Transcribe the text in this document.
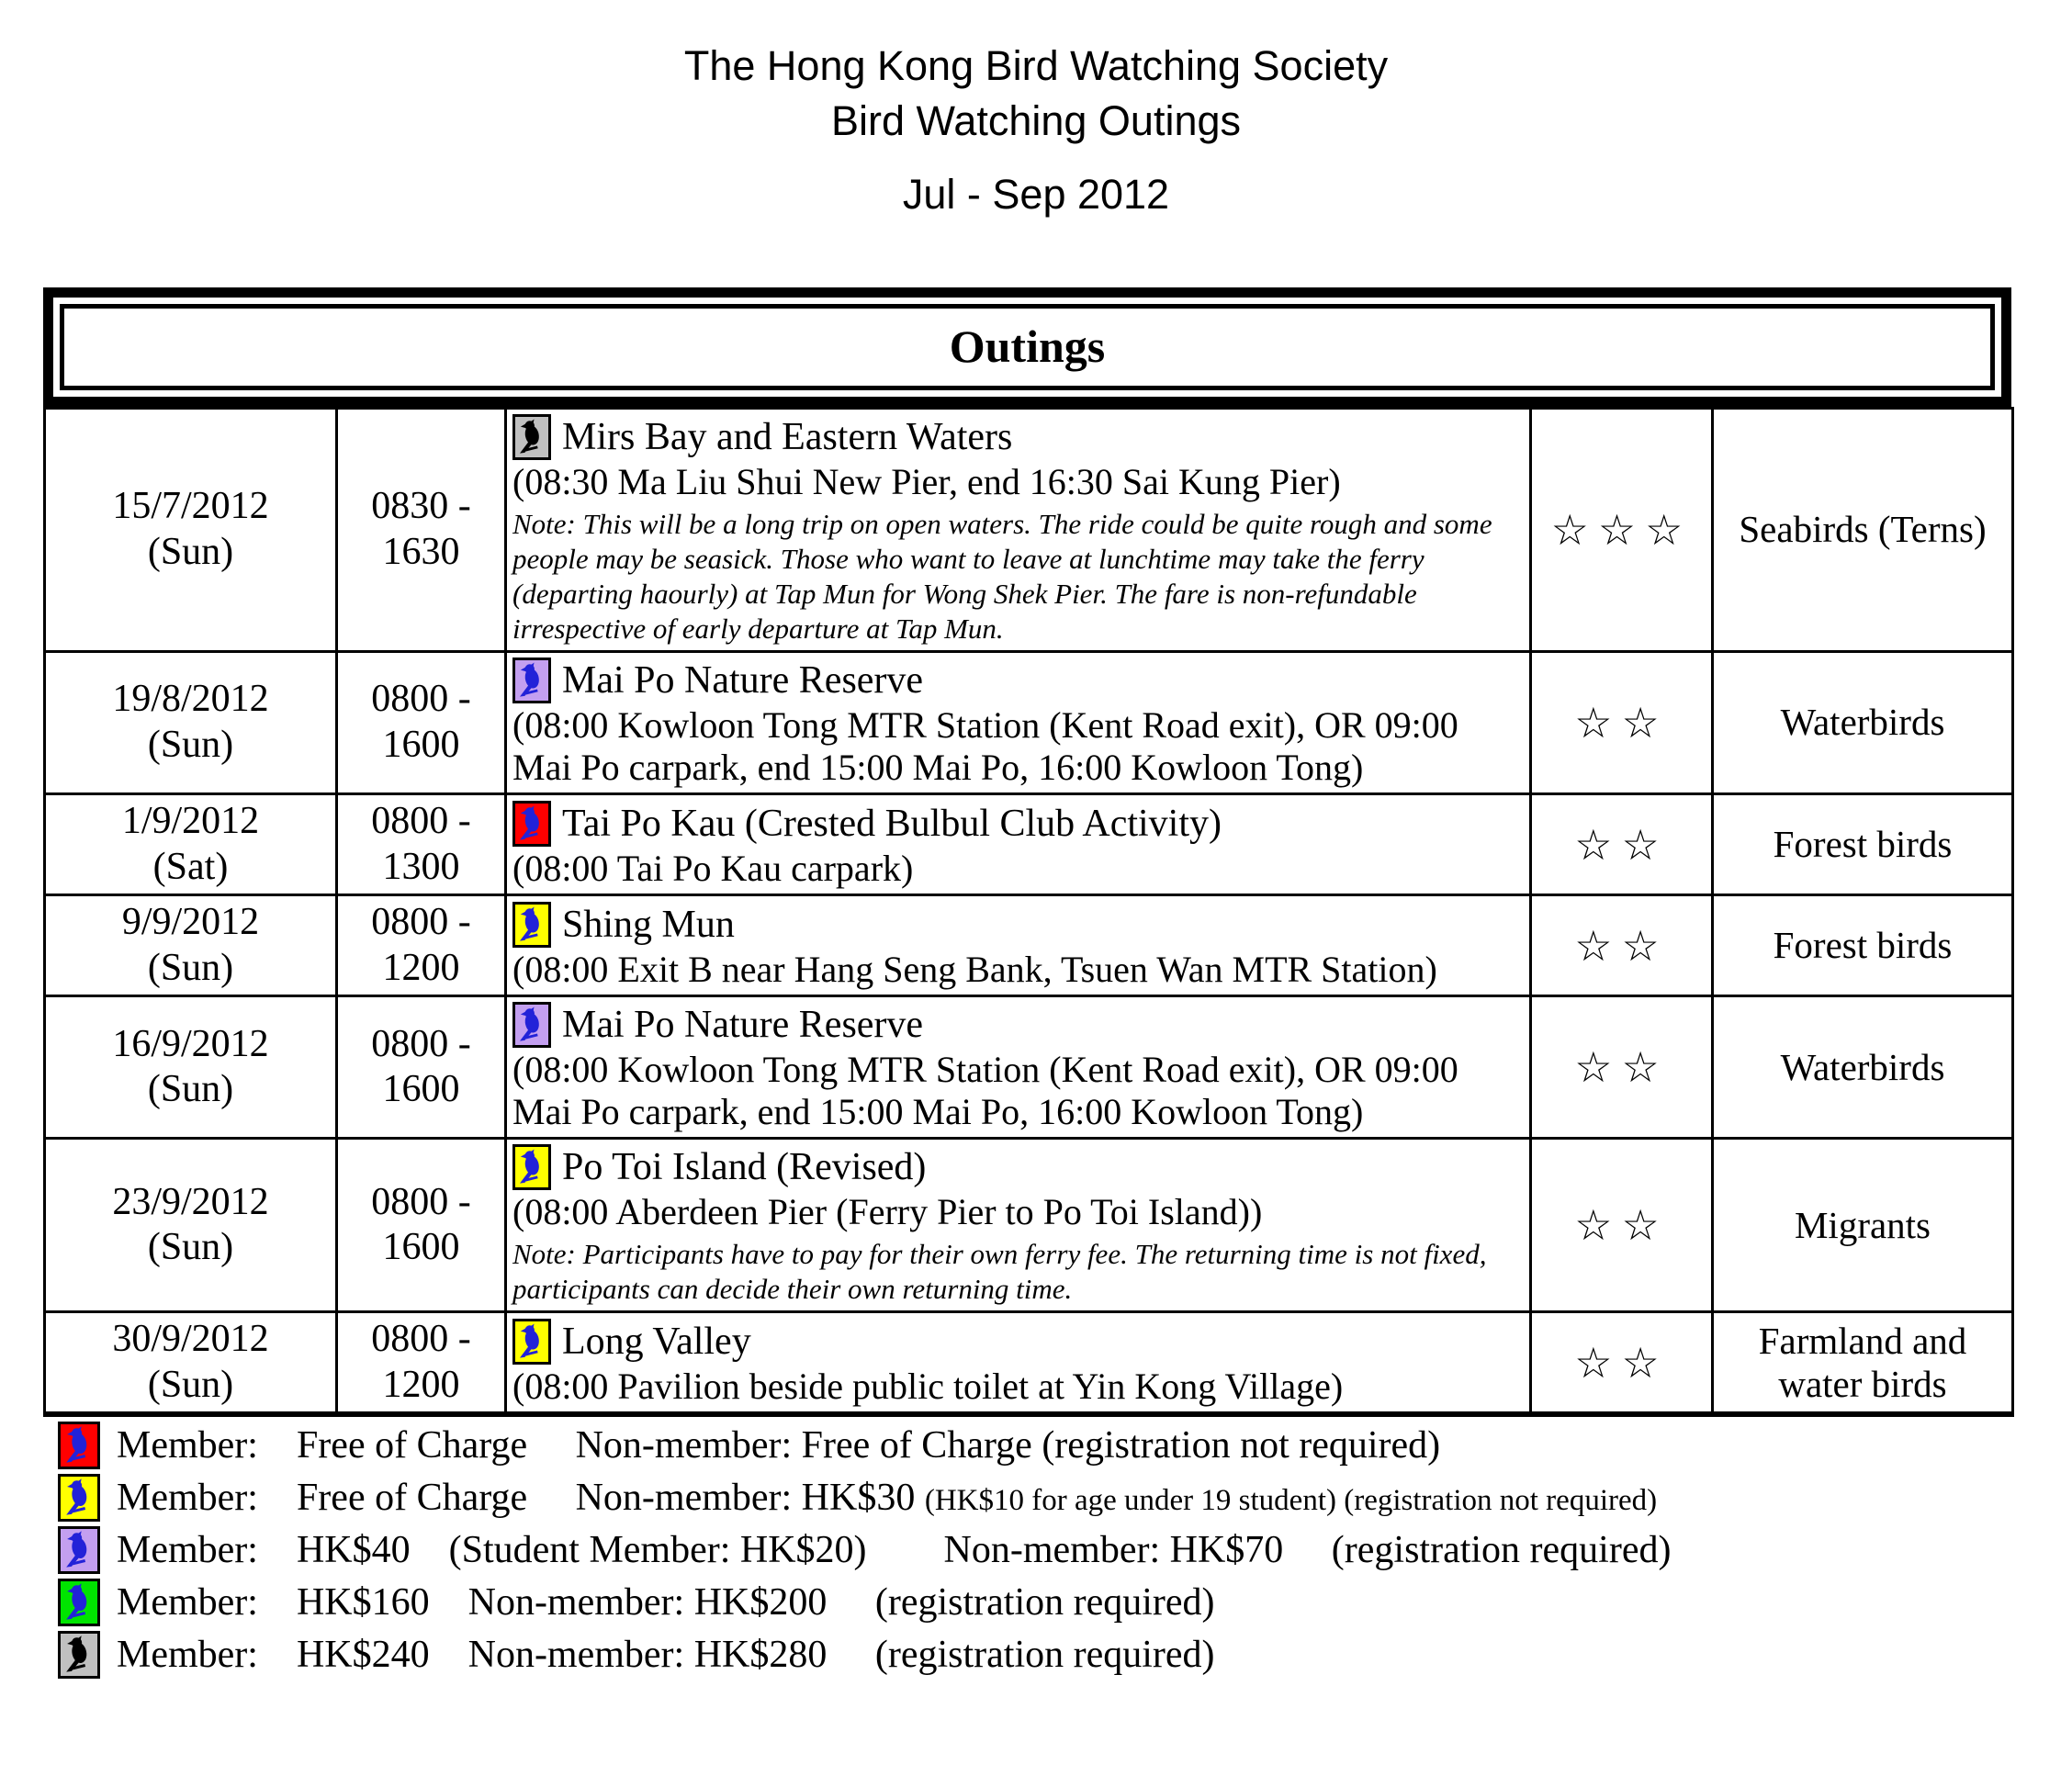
The Hong Kong Bird Watching Society
Bird Watching Outings
Jul - Sep 2012
Outings
15/7/2012
(Sun)

0830 -
1630

Mirs Bay and Eastern Waters
(08:30 Ma Liu Shui New Pier, end 16:30 Sai Kung Pier)
Note: This will be a long trip on open waters. The ride could be quite rough and some people may be seasick. Those who want to leave at lunchtime may take the ferry (departing haourly) at Tap Mun for Wong Shek Pier. The fare is non-refundable irrespective of early departure at Tap Mun.
	☆☆☆	Seabirds (Terns)

19/8/2012
(Sun)

0800 -
1600

Mai Po Nature Reserve
(08:00 Kowloon Tong MTR Station (Kent Road exit), OR 09:00 Mai Po carpark, end 15:00 Mai Po, 16:00 Kowloon Tong)
	☆☆	Waterbirds

1/9/2012
(Sat)

0800 -
1300

Tai Po Kau (Crested Bulbul Club Activity)
(08:00 Tai Po Kau carpark)	☆☆	Forest birds

9/9/2012
(Sun)

0800 -
1200

Shing Mun
(08:00 Exit B near Hang Seng Bank, Tsuen Wan MTR Station)	☆☆	Forest birds

16/9/2012
(Sun)

0800 -
1600

Mai Po Nature Reserve
(08:00 Kowloon Tong MTR Station (Kent Road exit), OR 09:00 Mai Po carpark, end 15:00 Mai Po, 16:00 Kowloon Tong)
	☆☆	Waterbirds

23/9/2012
(Sun)

0800 -
1600

Po Toi Island (Revised)
(08:00 Aberdeen Pier (Ferry Pier to Po Toi Island))
Note: Participants have to pay for their own ferry fee. The returning time is not fixed, participants can decide their own returning time.
	☆☆	Migrants

30/9/2012
(Sun)

0800 -
1200

Long Valley
(08:00 Pavilion beside public toilet at Yin Kong Village)	☆☆	Farmland and water birds
Member:    Free of Charge     Non-member: Free of Charge (registration not required)
Member:    Free of Charge     Non-member: HK$30 (HK$10 for age under 19 student) (registration not required)
Member:    HK$40    (Student Member: HK$20)        Non-member: HK$70     (registration required)
Member:    HK$160    Non-member: HK$200     (registration required)
Member:    HK$240    Non-member: HK$280     (registration required)
